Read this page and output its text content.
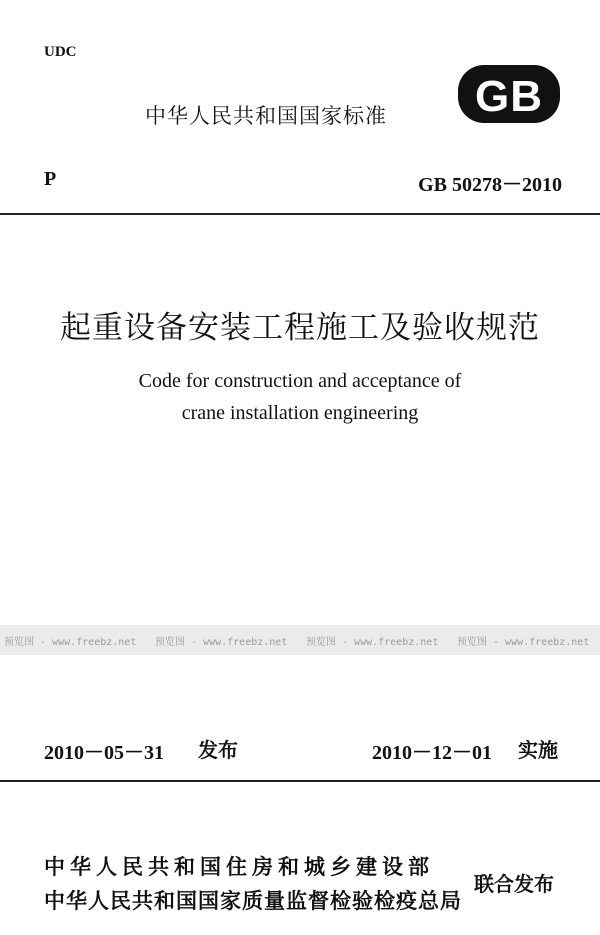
UDC
中华人民共和国国家标准 GB
P	GB 50278－2010
起重设备安装工程施工及验收规范
Code for construction and acceptance of
crane installation engineering
预览图 - www.freebz.net	预览图 - www.freebz.net	预览图 - www.freebz.net	预览图 - www.freebz.net
2010－05－31 发布	2010－12－01 实施
中华人民共和国住房和城乡建设部
中华人民共和国国家质量监督检验检疫总局
联合发布
